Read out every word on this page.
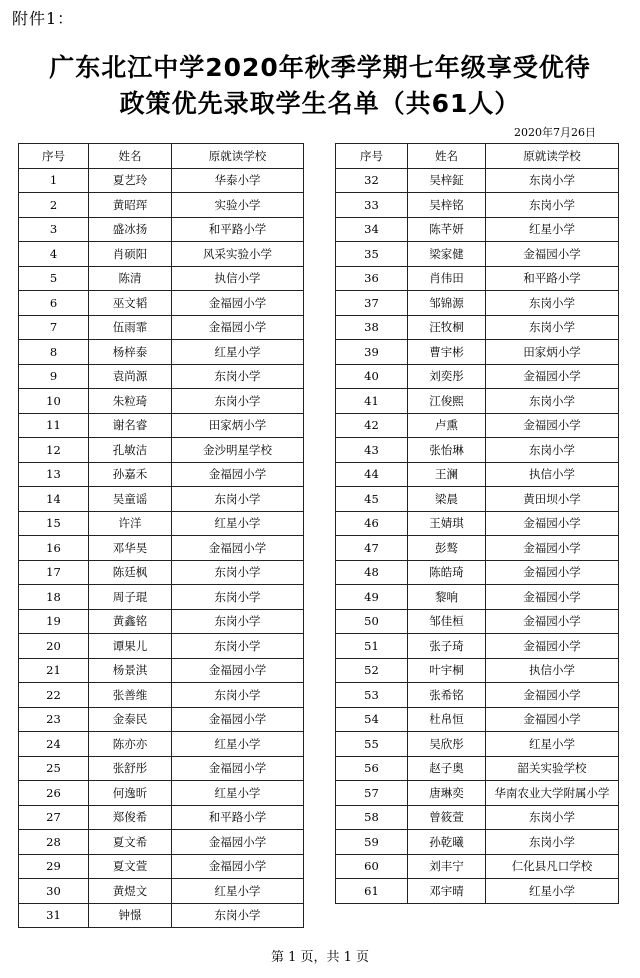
附件1：
广东北江中学2020年秋季学期七年级享受优待
政策优先录取学生名单（共61人）
2020年7月26日
序号	姓名	原就读学校
1	夏艺玲	华泰小学
2	黄昭珲	实验小学
3	盛冰扬	和平路小学
4	肖硕阳	风采实验小学
5	陈清	执信小学
6	巫文韬	金福园小学
7	伍雨霏	金福园小学
8	杨梓泰	红星小学
9	袁尚源	东岗小学
10	朱粒琦	东岗小学
11	谢名睿	田家炳小学
12	孔敏洁	金沙明星学校
13	孙嘉禾	金福园小学
14	吴童谣	东岗小学
15	许洋	红星小学
16	邓华昊	金福园小学
17	陈廷枫	东岗小学
18	周子琨	东岗小学
19	黄鑫铭	东岗小学
20	谭果儿	东岗小学
21	杨景淇	金福园小学
22	张善维	东岗小学
23	金泰民	金福园小学
24	陈亦亦	红星小学
25	张舒彤	金福园小学
26	何逸昕	红星小学
27	郑俊希	和平路小学
28	夏文希	金福园小学
29	夏文萱	金福园小学
30	黄煜文	红星小学
31	钟憬	东岗小学
序号	姓名	原就读学校
32	吴梓鉦	东岗小学
33	吴梓铭	东岗小学
34	陈芊妍	红星小学
35	梁家健	金福园小学
36	肖伟田	和平路小学
37	邹锦源	东岗小学
38	汪牧桐	东岗小学
39	曹宇彬	田家炳小学
40	刘奕彤	金福园小学
41	江俊熙	东岗小学
42	卢熏	金福园小学
43	张怡琳	东岗小学
44	王澜	执信小学
45	梁晨	黄田坝小学
46	王婧琪	金福园小学
47	彭骜	金福园小学
48	陈皓琦	金福园小学
49	黎响	金福园小学
50	邹佳桓	金福园小学
51	张子琦	金福园小学
52	叶宇桐	执信小学
53	张希铭	金福园小学
54	杜帛恒	金福园小学
55	吴欣彤	红星小学
56	赵子奥	韶关实验学校
57	唐琳奕	华南农业大学附属小学
58	曾筱萱	东岗小学
59	孙乾曦	东岗小学
60	刘丰宁	仁化县凡口学校
61	邓宇晴	红星小学
第 1 页，共 1 页
